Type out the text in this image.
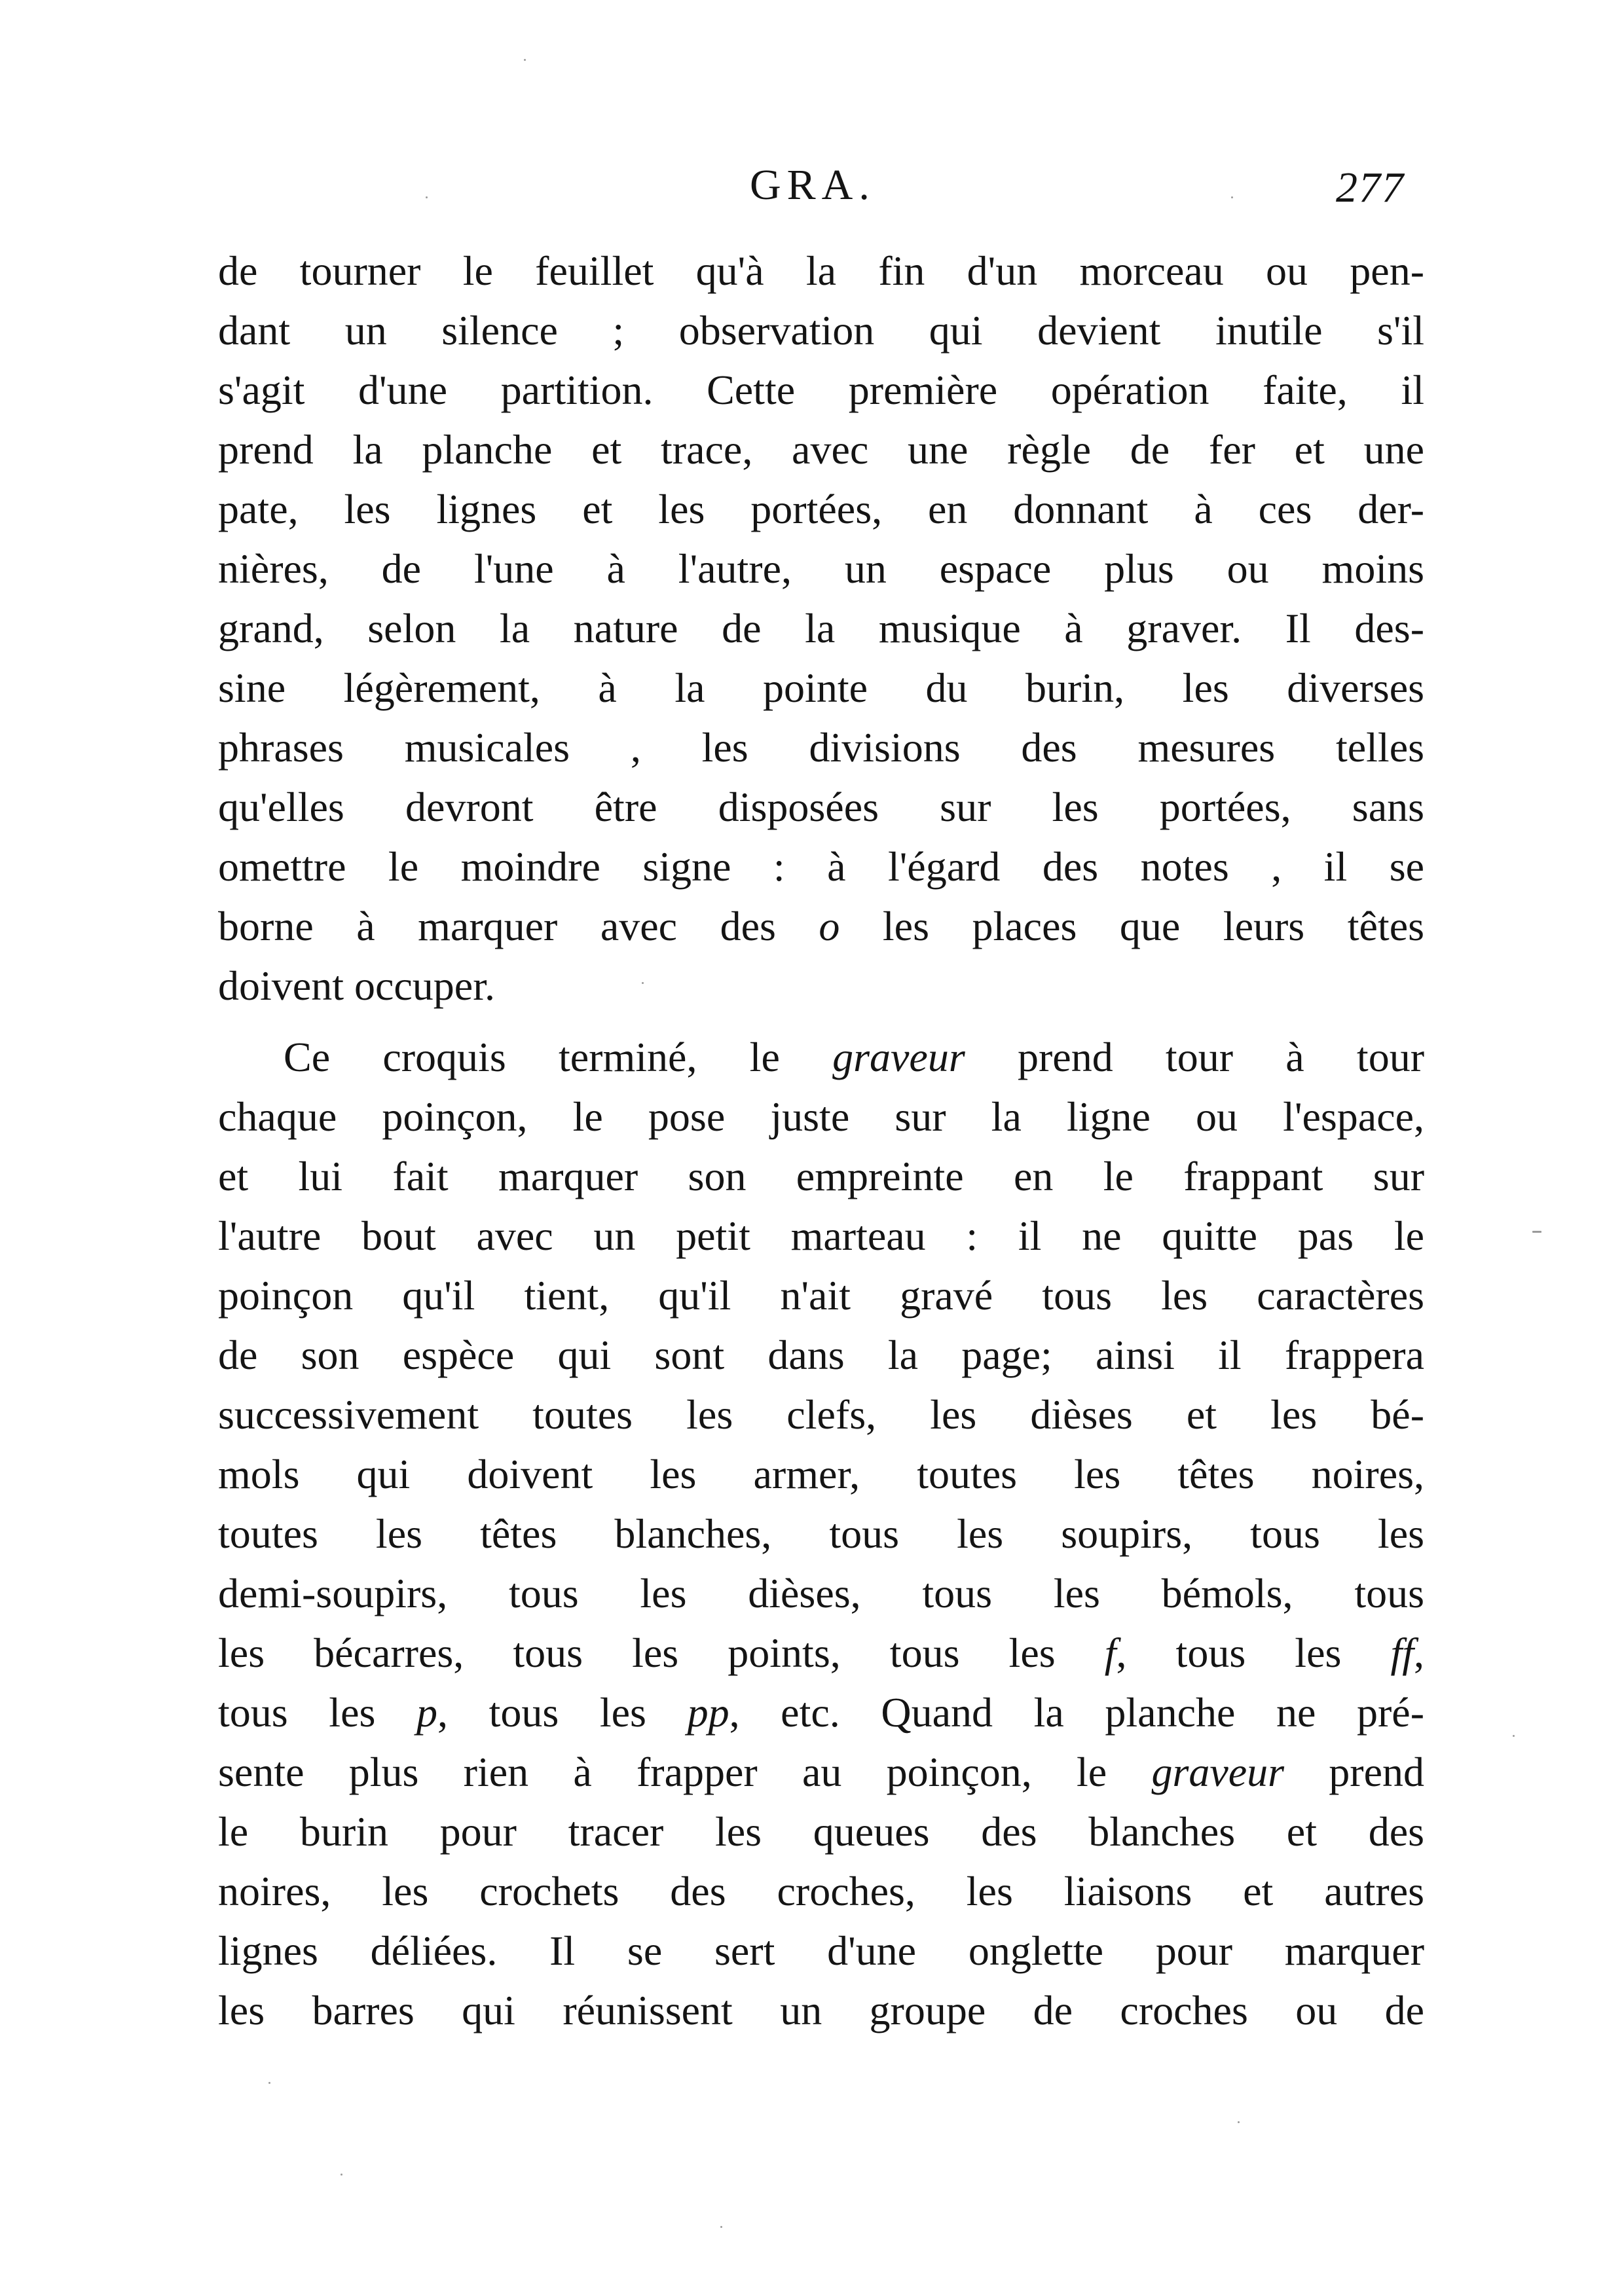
GRA.	277
de tourner le feuillet qu'à la fin d'un morceau ou pen-
dant un silence ; observation qui devient inutile s'il
s'agit d'une partition. Cette première opération faite, il
prend la planche et trace, avec une règle de fer et une
pate, les lignes et les portées, en donnant à ces der-
nières, de l'une à l'autre, un espace plus ou moins
grand, selon la nature de la musique à graver. Il des-
sine légèrement, à la pointe du burin, les diverses
phrases musicales , les divisions des mesures telles
qu'elles devront être disposées sur les portées, sans
omettre le moindre signe : à l'égard des notes , il se
borne à marquer avec des o les places que leurs têtes
doivent occuper.
Ce croquis terminé, le graveur prend tour à tour
chaque poinçon, le pose juste sur la ligne ou l'espace,
et lui fait marquer son empreinte en le frappant sur
l'autre bout avec un petit marteau : il ne quitte pas le
poinçon qu'il tient, qu'il n'ait gravé tous les caractères
de son espèce qui sont dans la page; ainsi il frappera
successivement toutes les clefs, les dièses et les bé-
mols qui doivent les armer, toutes les têtes noires,
toutes les têtes blanches, tous les soupirs, tous les
demi-soupirs, tous les dièses, tous les bémols, tous
les bécarres, tous les points, tous les f, tous les ff,
tous les p, tous les pp, etc. Quand la planche ne pré-
sente plus rien à frapper au poinçon, le graveur prend
le burin pour tracer les queues des blanches et des
noires, les crochets des croches, les liaisons et autres
lignes déliées. Il se sert d'une onglette pour marquer
les barres qui réunissent un groupe de croches ou de
